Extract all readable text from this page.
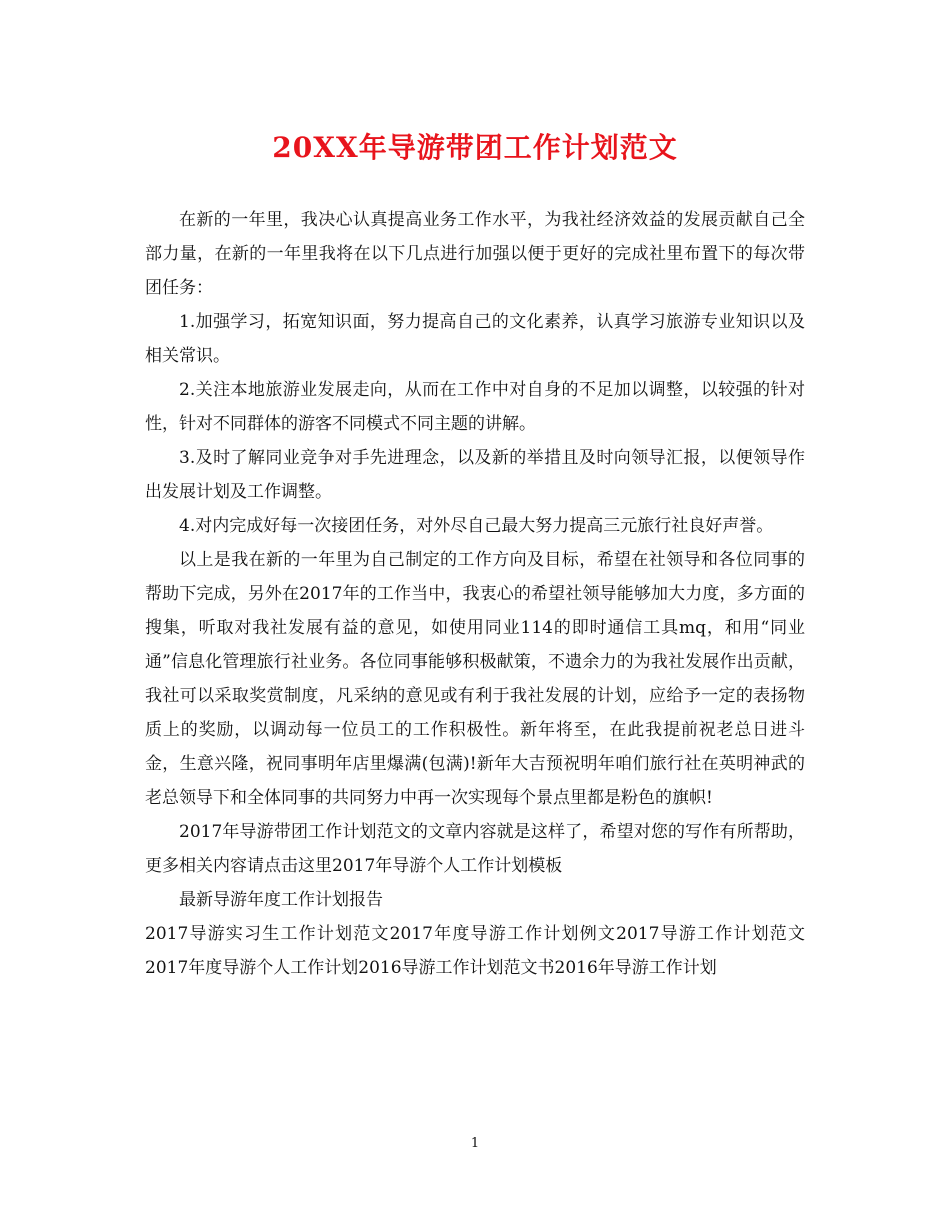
20XX年导游带团工作计划范文

在新的一年里，我决心认真提高业务工作水平，为我社经济效益的发展贡献自己全部力量，在新的一年里我将在以下几点进行加强以便于更好的完成社里布置下的每次带团任务：

1.加强学习，拓宽知识面，努力提高自己的文化素养，认真学习旅游专业知识以及相关常识。

2.关注本地旅游业发展走向，从而在工作中对自身的不足加以调整，以较强的针对性，针对不同群体的游客不同模式不同主题的讲解。

3.及时了解同业竞争对手先进理念，以及新的举措且及时向领导汇报，以便领导作出发展计划及工作调整。

4.对内完成好每一次接团任务，对外尽自己最大努力提高三元旅行社良好声誉。

以上是我在新的一年里为自己制定的工作方向及目标，希望在社领导和各位同事的帮助下完成，另外在2017年的工作当中，我衷心的希望社领导能够加大力度，多方面的搜集，听取对我社发展有益的意见，如使用同业114的即时通信工具mq，和用“同业通”信息化管理旅行社业务。各位同事能够积极献策，不遗余力的为我社发展作出贡献，我社可以采取奖赏制度，凡采纳的意见或有利于我社发展的计划，应给予一定的表扬物质上的奖励，以调动每一位员工的工作积极性。新年将至，在此我提前祝老总日进斗金，生意兴隆，祝同事明年店里爆满(包满)!新年大吉预祝明年咱们旅行社在英明神武的老总领导下和全体同事的共同努力中再一次实现每个景点里都是粉色的旗帜!

2017年导游带团工作计划范文的文章内容就是这样了，希望对您的写作有所帮助，更多相关内容请点击这里2017年导游个人工作计划模板

最新导游年度工作计划报告

2017导游实习生工作计划范文2017年度导游工作计划例文2017导游工作计划范文2017年度导游个人工作计划2016导游工作计划范文书2016年导游工作计划

1
